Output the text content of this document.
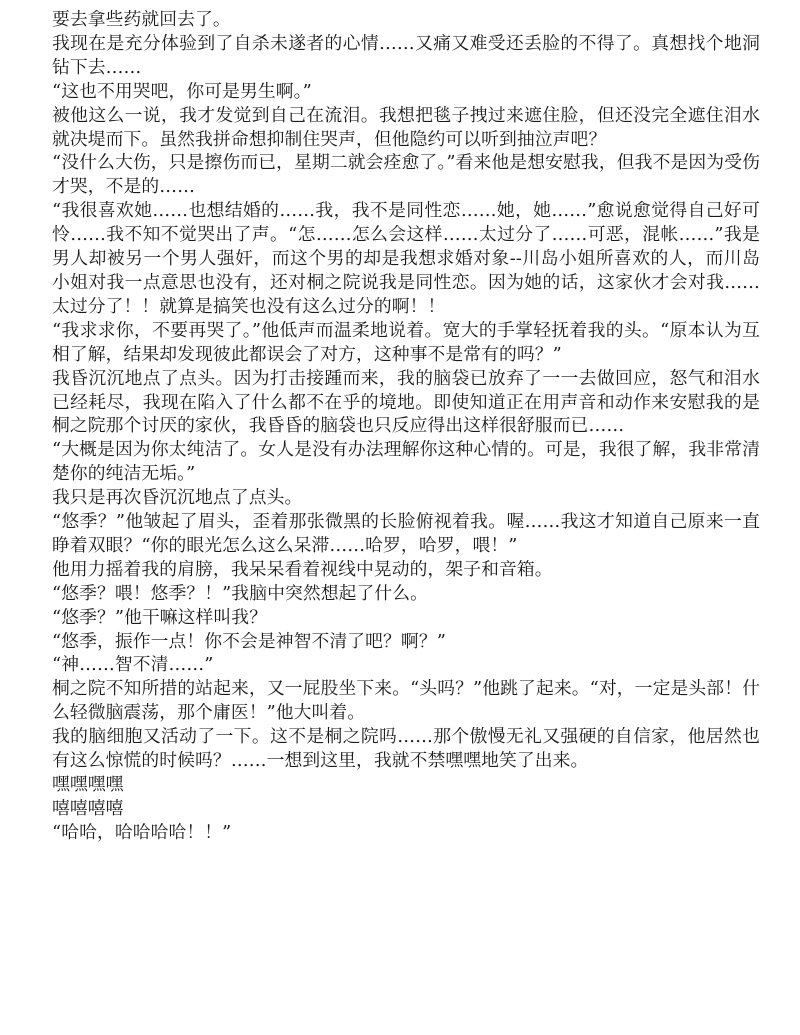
要去拿些药就回去了。

我现在是充分体验到了自杀未遂者的心情……又痛又难受还丢脸的不得了。真想找个地洞钻下去……

“这也不用哭吧，你可是男生啊。”

被他这么一说，我才发觉到自己在流泪。我想把毯子拽过来遮住脸，但还没完全遮住泪水就决堤而下。虽然我拼命想抑制住哭声，但他隐约可以听到抽泣声吧？

“没什么大伤，只是擦伤而已，星期二就会痊愈了。”看来他是想安慰我，但我不是因为受伤才哭，不是的……

“我很喜欢她……也想结婚的……我，我不是同性恋……她，她……”愈说愈觉得自己好可怜……我不知不觉哭出了声。“怎……怎么会这样……太过分了……可恶，混帐……”我是男人却被另一个男人强奸，而这个男的却是我想求婚对象--川岛小姐所喜欢的人，而川岛小姐对我一点意思也没有，还对桐之院说我是同性恋。因为她的话，这家伙才会对我……太过分了！！就算是搞笑也没有这么过分的啊！！

“我求求你，不要再哭了。”他低声而温柔地说着。宽大的手掌轻抚着我的头。“原本认为互相了解，结果却发现彼此都误会了对方，这种事不是常有的吗？”

我昏沉沉地点了点头。因为打击接踵而来，我的脑袋已放弃了一一去做回应，怒气和泪水已经耗尽，我现在陷入了什么都不在乎的境地。即使知道正在用声音和动作来安慰我的是桐之院那个讨厌的家伙，我昏昏的脑袋也只反应得出这样很舒服而已……

“大概是因为你太纯洁了。女人是没有办法理解你这种心情的。可是，我很了解，我非常清楚你的纯洁无垢。”

我只是再次昏沉沉地点了点头。

“悠季？”他皱起了眉头，歪着那张微黑的长脸俯视着我。喔……我这才知道自己原来一直睁着双眼？“你的眼光怎么这么呆滞……哈罗，哈罗，喂！”

他用力摇着我的肩膀，我呆呆看着视线中晃动的，架子和音箱。

“悠季？喂！悠季？！”我脑中突然想起了什么。

“悠季？”他干嘛这样叫我？

“悠季，振作一点！你不会是神智不清了吧？啊？”

“神……智不清……”

桐之院不知所措的站起来，又一屁股坐下来。“头吗？”他跳了起来。“对，一定是头部！什么轻微脑震荡，那个庸医！”他大叫着。

我的脑细胞又活动了一下。这不是桐之院吗……那个傲慢无礼又强硬的自信家，他居然也有这么惊慌的时候吗？……一想到这里，我就不禁嘿嘿地笑了出来。

嘿嘿嘿嘿

嘻嘻嘻嘻

“哈哈，哈哈哈哈！！”
